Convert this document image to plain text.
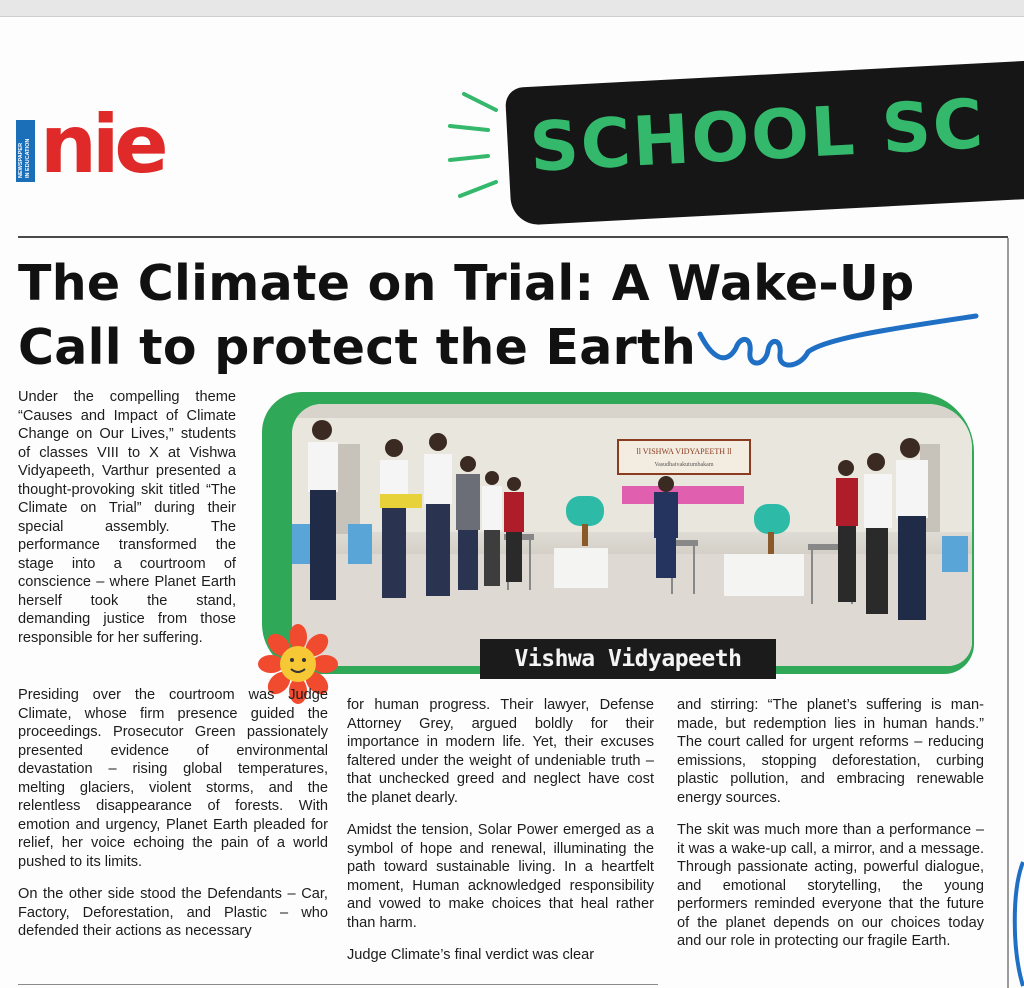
NEWSPAPER IN EDUCATION nie	SCHOOL SC
The Climate on Trial: A Wake-Up Call to protect the Earth
ll VISHWA VIDYAPEETH ll
Vasudhaivakutumbakam
Vishwa Vidyapeeth

Under the compelling theme “Causes and Impact of Climate Change on Our Lives,” students of classes VIII to X at Vishwa Vidyapeeth, Varthur presented a thought-provoking skit titled “The Climate on Trial” during their special assembly. The performance transformed the stage into a courtroom of conscience – where Planet Earth herself took the stand, demanding justice from those responsible for her suffering.

Presiding over the courtroom was Judge Climate, whose firm presence guided the proceedings. Prosecutor Green passionately presented evidence of environmental devastation – rising global temperatures, melting glaciers, violent storms, and the relentless disappearance of forests. With emotion and urgency, Planet Earth pleaded for relief, her voice echoing the pain of a world pushed to its limits.

On the other side stood the Defendants – Car, Factory, Deforestation, and Plastic – who defended their actions as necessary

for human progress. Their lawyer, Defense Attorney Grey, argued boldly for their importance in modern life. Yet, their excuses faltered under the weight of undeniable truth – that unchecked greed and neglect have cost the planet dearly.

Amidst the tension, Solar Power emerged as a symbol of hope and renewal, illuminating the path toward sustainable living. In a heartfelt moment, Human acknowledged responsibility and vowed to make choices that heal rather than harm.

Judge Climate’s final verdict was clear

and stirring: “The planet’s suffering is man-made, but redemption lies in human hands.” The court called for urgent reforms – reducing emissions, stopping deforestation, curbing plastic pollution, and embracing renewable energy sources.

The skit was much more than a performance – it was a wake-up call, a mirror, and a message. Through passionate acting, powerful dialogue, and emotional storytelling, the young performers reminded everyone that the future of the planet depends on our choices today and our role in protecting our fragile Earth.
